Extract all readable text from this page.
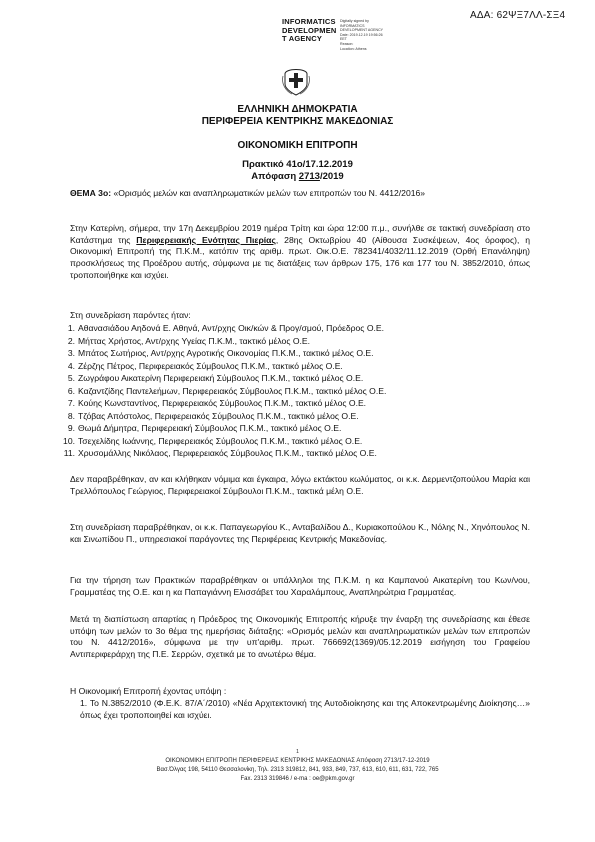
ΑΔΑ: 62ΨΞ7ΛΛ-ΣΞ4
INFORMATICS
DEVELOPMEN
T AGENCY
Digitally signed by
INFORMATICS
DEVELOPMENT AGENCY
Date: 2019.12.19 19:56:26
EET
Reason:
Location: Athens
ΕΛΛΗΝΙΚΗ ΔΗΜΟΚΡΑΤΙΑ
ΠΕΡΙΦΕΡΕΙΑ ΚΕΝΤΡΙΚΗΣ ΜΑΚΕΔΟΝΙΑΣ
ΟΙΚΟΝΟΜΙΚΗ ΕΠΙΤΡΟΠΗ
Πρακτικό 41ο/17.12.2019
Απόφαση 2713/2019
ΘΕΜΑ 3ο: «Ορισμός μελών και αναπληρωματικών μελών των επιτροπών του Ν. 4412/2016»
Στην Κατερίνη, σήμερα, την 17η Δεκεμβρίου 2019 ημέρα Τρίτη και ώρα 12:00 π.μ., συνήλθε σε τακτική συνεδρίαση στο Κατάστημα της Περιφερειακής Ενότητας Πιερίας, 28ης Οκτωβρίου 40 (Αίθουσα Συσκέψεων, 4ος όροφος), η Οικονομική Επιτροπή της Π.Κ.Μ., κατόπιν της αριθμ. πρωτ. Οικ.Ο.Ε. 782341/4032/11.12.2019 (Ορθή Επανάληψη) προσκλήσεως της Προέδρου αυτής, σύμφωνα με τις διατάξεις των άρθρων 175, 176 και 177 του Ν. 3852/2010, όπως τροποποιήθηκε και ισχύει.
Στη συνεδρίαση παρόντες ήταν:
1. Αθανασιάδου Αηδονά Ε. Αθηνά, Αντ/ρχης Οικ/κών & Προγ/σμού, Πρόεδρος Ο.Ε.
2. Μήττας Χρήστος, Αντ/ρχης Υγείας Π.Κ.Μ., τακτικό μέλος Ο.Ε.
3. Μπάτος Σωτήριος, Αντ/ρχης Αγροτικής Οικονομίας Π.Κ.Μ., τακτικό μέλος Ο.Ε.
4. Ζέρζης Πέτρος, Περιφερειακός Σύμβουλος Π.Κ.Μ., τακτικό μέλος Ο.Ε.
5. Ζωγράφου Αικατερίνη Περιφερειακή Σύμβουλος Π.Κ.Μ., τακτικό μέλος Ο.Ε.
6. Καζαντζίδης Παντελεήμων, Περιφερειακός Σύμβουλος Π.Κ.Μ., τακτικό μέλος Ο.Ε.
7. Κούης Κωνσταντίνος, Περιφερειακός Σύμβουλος Π.Κ.Μ., τακτικό μέλος Ο.Ε.
8. Τζόβας Απόστολος, Περιφερειακός Σύμβουλος Π.Κ.Μ., τακτικό μέλος Ο.Ε.
9. Θωμά Δήμητρα, Περιφερειακή Σύμβουλος Π.Κ.Μ., τακτικό μέλος Ο.Ε.
10. Τσεχελίδης Ιωάννης, Περιφερειακός Σύμβουλος Π.Κ.Μ., τακτικό μέλος Ο.Ε.
11. Χρυσομάλλης Νικόλαος, Περιφερειακός Σύμβουλος Π.Κ.Μ., τακτικό μέλος Ο.Ε.
Δεν παραβρέθηκαν, αν και κλήθηκαν νόμιμα και έγκαιρα, λόγω εκτάκτου κωλύματος, οι κ.κ. Δερμεντζοπούλου Μαρία και Τρελλόπουλος Γεώργιος, Περιφερειακοί Σύμβουλοι Π.Κ.Μ., τακτικά μέλη Ο.Ε.
Στη συνεδρίαση παραβρέθηκαν, οι κ.κ. Παπαγεωργίου Κ., Ανταβαλίδου Δ., Κυριακοπούλου Κ., Νόλης Ν., Χηνόπουλος Ν. και Σινωπίδου Π., υπηρεσιακοί παράγοντες της Περιφέρειας Κεντρικής Μακεδονίας.
Για την τήρηση των Πρακτικών παραβρέθηκαν οι υπάλληλοι της Π.Κ.Μ. η κα Καμπανού Αικατερίνη του Κων/νου, Γραμματέας της Ο.Ε. και η κα Παπαγιάννη Ελισσάβετ του Χαραλάμπους, Αναπληρώτρια Γραμματέας.
Μετά τη διαπίστωση απαρτίας η Πρόεδρος της Οικονομικής Επιτροπής κήρυξε την έναρξη της συνεδρίασης και έθεσε υπόψη των μελών το 3ο θέμα της ημερήσιας διάταξης: «Ορισμός μελών και αναπληρωματικών μελών των επιτροπών του Ν. 4412/2016», σύμφωνα με την υπ'αριθμ. πρωτ. 766692(1369)/05.12.2019 εισήγηση του Γραφείου Αντιπεριφεράρχη της Π.Ε. Σερρών, σχετικά με το ανωτέρω θέμα.
Η Οικονομική Επιτροπή έχοντας υπόψη :
1. Το Ν.3852/2010 (Φ.Ε.Κ. 87/Α΄/2010) «Νέα Αρχιτεκτονική της Αυτοδιοίκησης και της Αποκεντρωμένης Διοίκησης…» όπως έχει τροποποιηθεί και ισχύει.
1
ΟΙΚΟΝΟΜΙΚΗ ΕΠΙΤΡΟΠΗ ΠΕΡΙΦΕΡΕΙΑΣ ΚΕΝΤΡΙΚΗΣ ΜΑΚΕΔΟΝΙΑΣ Απόφαση 2713/17-12-2019
Βασ.Όλγας 198, 54110 Θεσσαλονίκη, Τηλ. 2313 319812, 841, 933, 849, 737, 613, 610, 611, 631, 722, 765
Fax. 2313 319846 / e-ma : oe@pkm.gov.gr
